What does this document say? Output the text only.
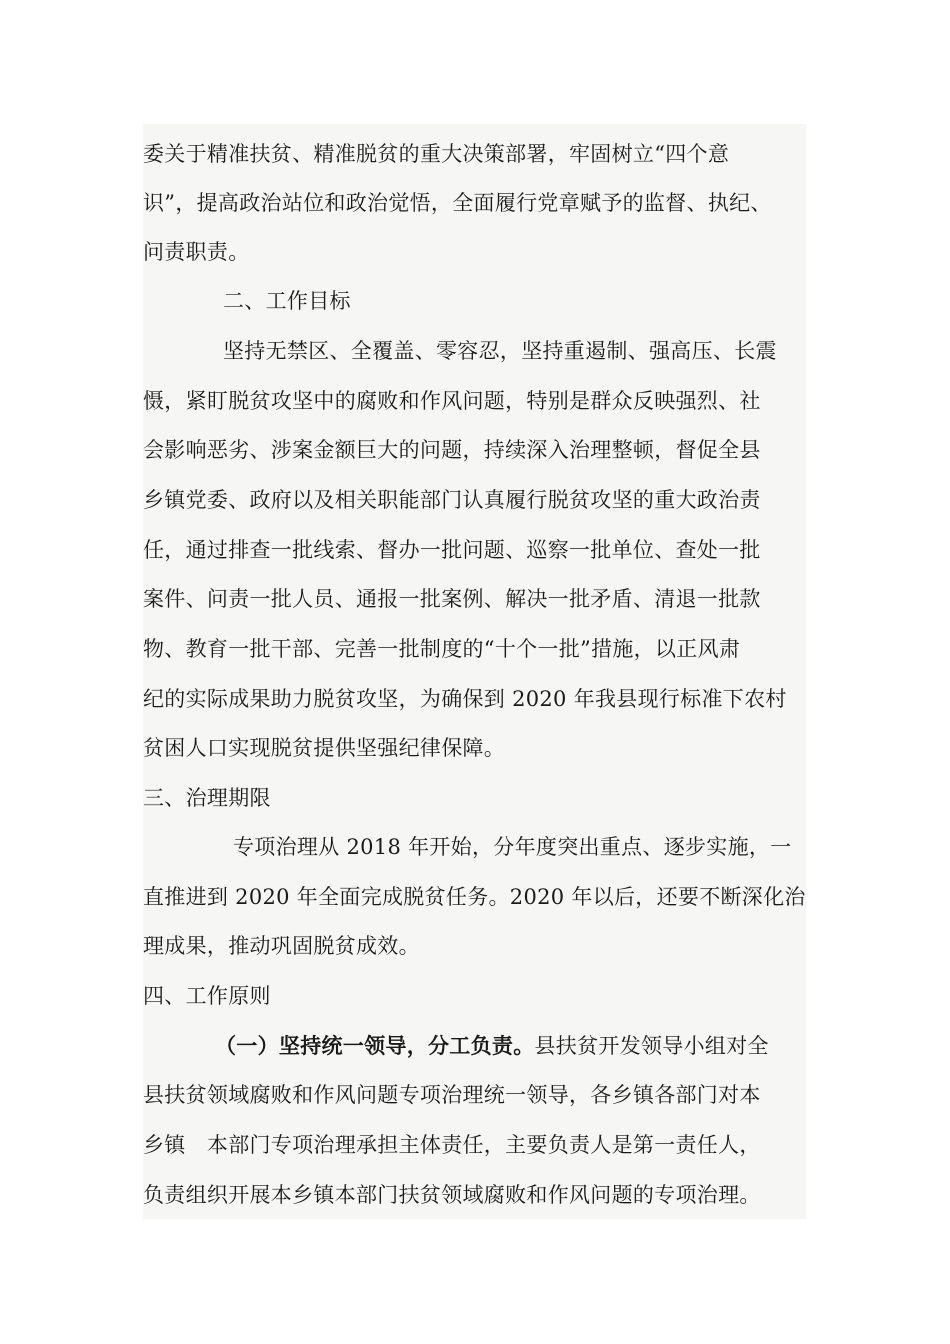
委关于精准扶贫、精准脱贫的重大决策部署，牢固树立“四个意
识”，提高政治站位和政治觉悟，全面履行党章赋予的监督、执纪、
问责职责。
二、工作目标
坚持无禁区、全覆盖、零容忍，坚持重遏制、强高压、长震
慑，紧盯脱贫攻坚中的腐败和作风问题，特别是群众反映强烈、社
会影响恶劣、涉案金额巨大的问题，持续深入治理整顿，督促全县
乡镇党委、政府以及相关职能部门认真履行脱贫攻坚的重大政治责
任，通过排查一批线索、督办一批问题、巡察一批单位、查处一批
案件、问责一批人员、通报一批案例、解决一批矛盾、清退一批款
物、教育一批干部、完善一批制度的“十个一批”措施，以正风肃
纪的实际成果助力脱贫攻坚，为确保到 2020 年我县现行标准下农村
贫困人口实现脱贫提供坚强纪律保障。
三、治理期限
专项治理从 2018 年开始，分年度突出重点、逐步实施，一
直推进到 2020 年全面完成脱贫任务。2020 年以后，还要不断深化治
理成果，推动巩固脱贫成效。
四、工作原则
（一）坚持统一领导，分工负责。县扶贫开发领导小组对全
县扶贫领域腐败和作风问题专项治理统一领导，各乡镇各部门对本
乡镇　本部门专项治理承担主体责任，主要负责人是第一责任人，
负责组织开展本乡镇本部门扶贫领域腐败和作风问题的专项治理。
